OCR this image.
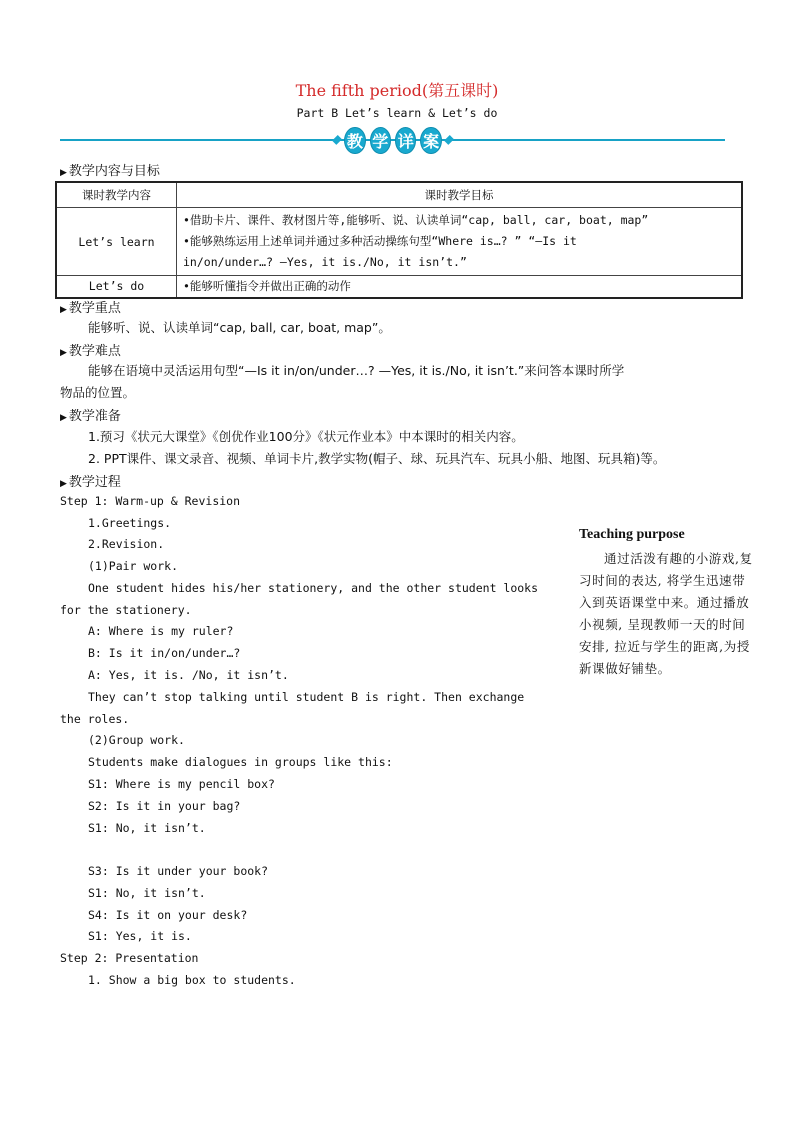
The fifth period(第五课时)
Part B Let’s learn & Let’s do
教 学 详 案
▶ 教学内容与目标
课时教学内容	课时教学目标
Let’s learn	•借助卡片、课件、教材图片等,能够听、说、认读单词“cap, ball, car, boat, map”
•能够熟练运用上述单词并通过多种活动操练句型“Where is…? ” “—Is it
in/on/under…? —Yes, it is./No, it isn’t.”

Let’s do	•能够听懂指令并做出正确的动作
▶ 教学重点
能够听、说、认读单词“cap, ball, car, boat, map”。
▶ 教学难点
能够在语境中灵活运用句型“—Is it in/on/under…? —Yes, it is./No, it isn’t.”来问答本课时所学
物品的位置。
▶ 教学准备
1.预习《状元大课堂》《创优作业100分》《状元作业本》中本课时的相关内容。
2. PPT课件、课文录音、视频、单词卡片,教学实物(帽子、球、玩具汽车、玩具小船、地图、玩具箱)等。
▶ 教学过程
Step 1: Warm-up & Revision
1.Greetings.
2.Revision.
(1)Pair work.
One student hides his/her stationery, and the other student looks
for the stationery.
A: Where is my ruler?
B: Is it in/on/under…?
A: Yes, it is. /No, it isn’t.
They can’t stop talking until student B is right. Then exchange
the roles.
(2)Group work.
Students make dialogues in groups like this:
S1: Where is my pencil box?
S2: Is it in your bag?
S1: No, it isn’t.
S3: Is it under your book?
S1: No, it isn’t.
S4: Is it on your desk?
S1: Yes, it is.
Step 2: Presentation
1. Show a big box to students.
Teaching purpose
通过活泼有趣的小游戏,复习时间的表达, 将学生迅速带入到英语课堂中来。通过播放小视频, 呈现教师一天的时间安排, 拉近与学生的距离,为授新课做好铺垫。
